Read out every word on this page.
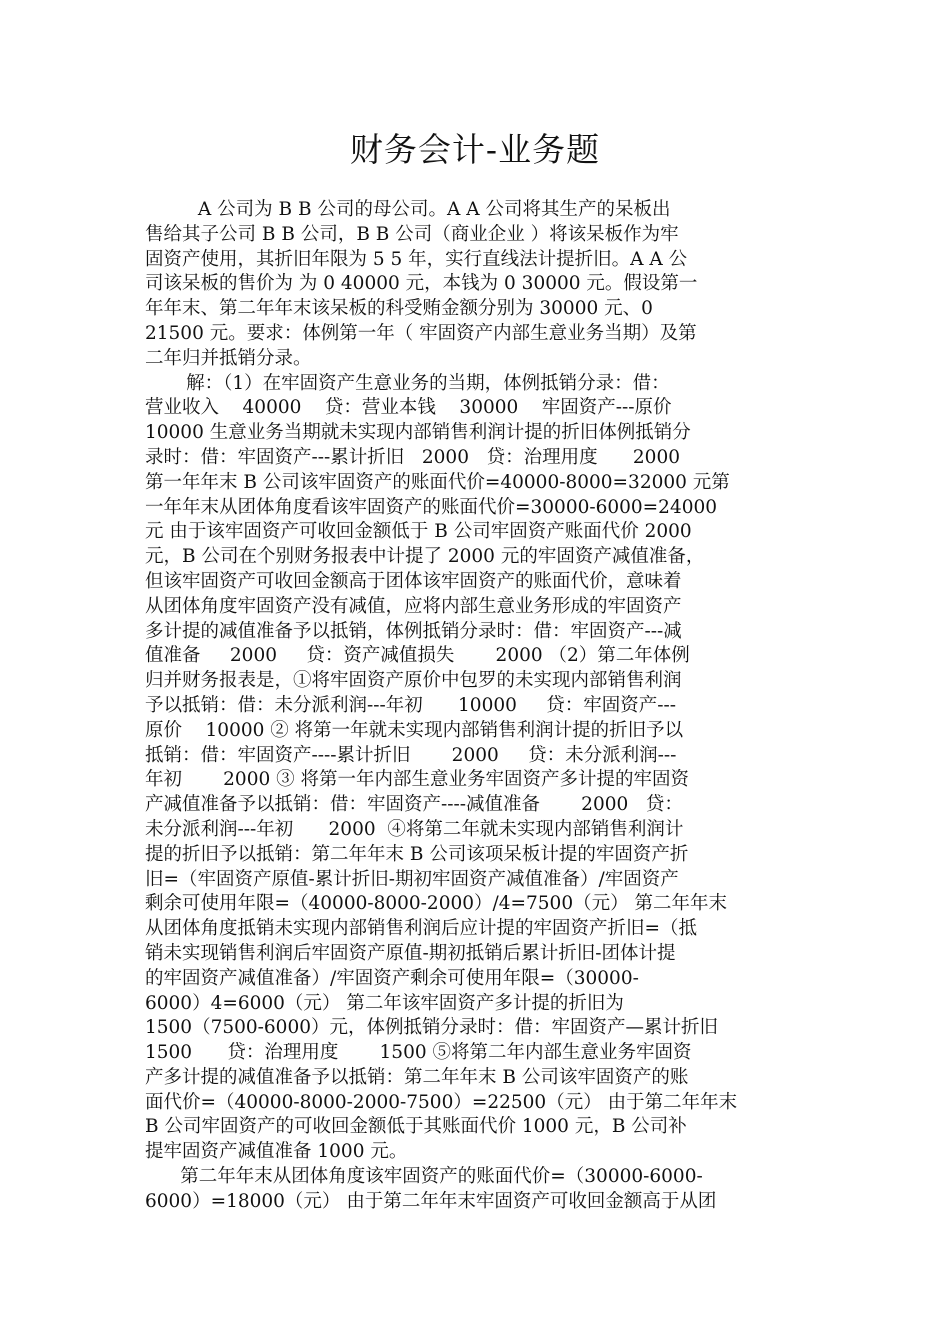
财务会计-业务题
A 公司为 B B 公司的母公司。A A 公司将其生产的呆板出
售给其子公司 B B 公司，B B 公司（商业企业 ）将该呆板作为牢
固资产使用，其折旧年限为 5 5 年，实行直线法计提折旧。A A 公
司该呆板的售价为 为 0 40000 元，本钱为 0 30000 元。假设第一
年年末、第二年年末该呆板的科受贿金额分别为 30000 元、0
21500 元。要求：体例第一年（ 牢固资产内部生意业务当期）及第
二年归并抵销分录。
解：（1）在牢固资产生意业务的当期，体例抵销分录：借：
营业收入    40000    贷：营业本钱    30000    牢固资产---原价
10000 生意业务当期就未实现内部销售利润计提的折旧体例抵销分
录时：借：牢固资产---累计折旧   2000   贷：治理用度      2000
第一年年末 B 公司该牢固资产的账面代价=40000-8000=32000 元第
一年年末从团体角度看该牢固资产的账面代价=30000-6000=24000
元 由于该牢固资产可收回金额低于 B 公司牢固资产账面代价 2000
元，B 公司在个别财务报表中计提了 2000 元的牢固资产减值准备，
但该牢固资产可收回金额高于团体该牢固资产的账面代价，意味着
从团体角度牢固资产没有减值，应将内部生意业务形成的牢固资产
多计提的减值准备予以抵销，体例抵销分录时：借：牢固资产---减
值准备     2000     贷：资产减值损失       2000 （2）第二年体例
归并财务报表是，①将牢固资产原价中包罗的未实现内部销售利润
予以抵销：借：未分派利润---年初      10000     贷：牢固资产---
原价    10000 ② 将第一年就未实现内部销售利润计提的折旧予以
抵销：借：牢固资产----累计折旧       2000     贷：未分派利润---
年初       2000 ③ 将第一年内部生意业务牢固资产多计提的牢固资
产减值准备予以抵销：借：牢固资产----减值准备       2000   贷：
未分派利润---年初      2000  ④将第二年就未实现内部销售利润计
提的折旧予以抵销：第二年年末 B 公司该项呆板计提的牢固资产折
旧=（牢固资产原值-累计折旧-期初牢固资产减值准备）/牢固资产
剩余可使用年限=（40000-8000-2000）/4=7500（元） 第二年年末
从团体角度抵销未实现内部销售利润后应计提的牢固资产折旧=（抵
销未实现销售利润后牢固资产原值-期初抵销后累计折旧-团体计提
的牢固资产减值准备）/牢固资产剩余可使用年限=（30000-
6000）4=6000（元） 第二年该牢固资产多计提的折旧为
1500（7500-6000）元，体例抵销分录时：借：牢固资产—累计折旧
1500      贷：治理用度       1500 ⑤将第二年内部生意业务牢固资
产多计提的减值准备予以抵销：第二年年末 B 公司该牢固资产的账
面代价=（40000-8000-2000-7500）=22500（元） 由于第二年年末
B 公司牢固资产的可收回金额低于其账面代价 1000 元，B 公司补
提牢固资产减值准备 1000 元。
第二年年末从团体角度该牢固资产的账面代价=（30000-6000-
6000）=18000（元） 由于第二年年末牢固资产可收回金额高于从团
